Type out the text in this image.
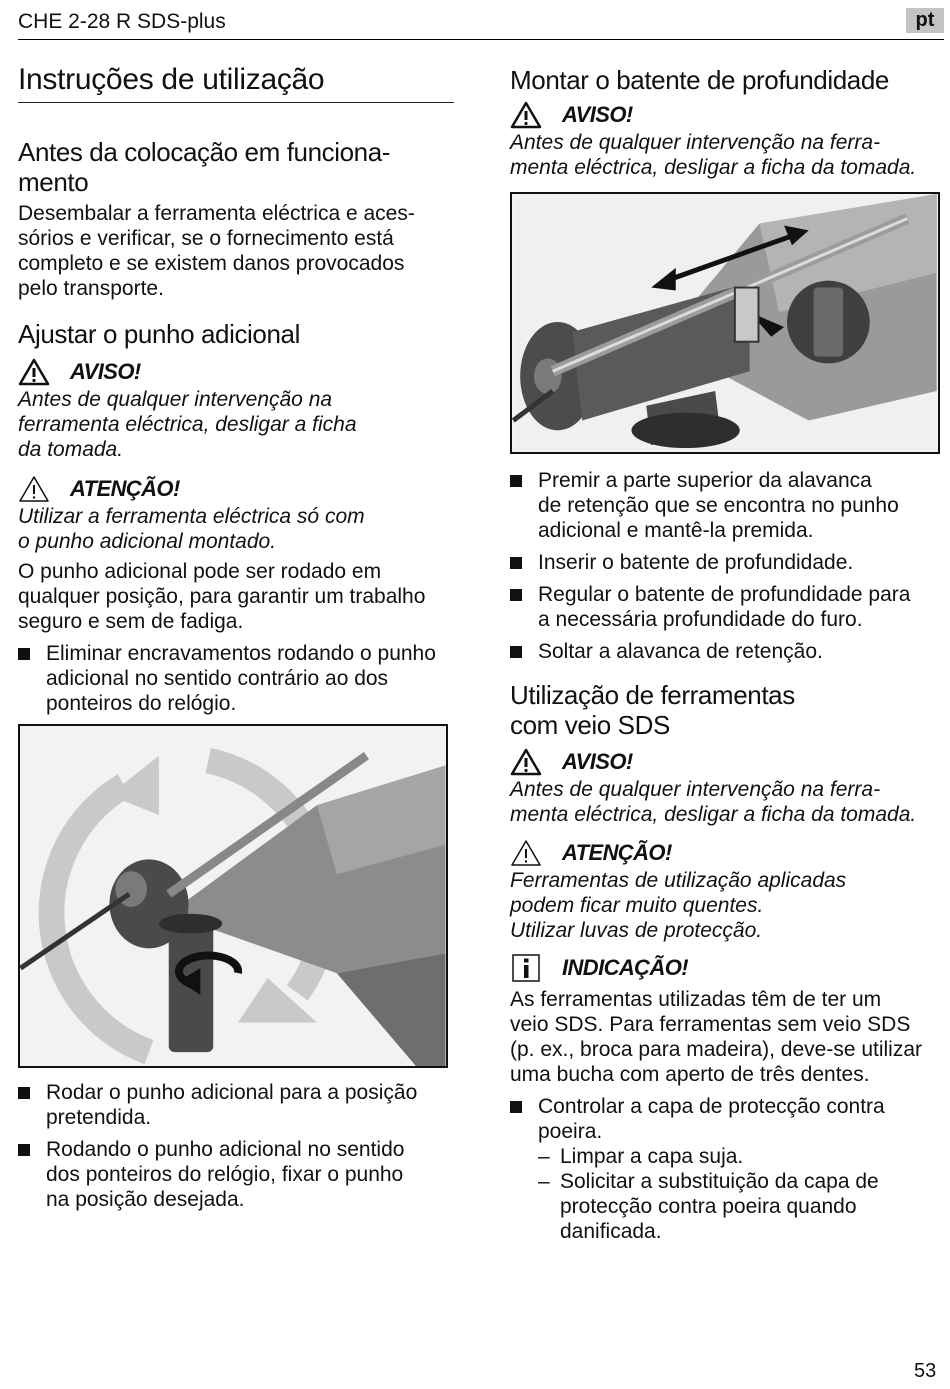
CHE 2-28 R SDS-plus	pt
Instruções de utilização
Antes da colocação em funciona-
mento

Desembalar a ferramenta eléctrica e aces-
sórios e verificar, se o fornecimento está
completo e se existem danos provocados
pelo transporte.

Ajustar o punho adicional
AVISO!
Antes de qualquer intervenção na
ferramenta eléctrica, desligar a ficha
da tomada.
ATENÇÃO!
Utilizar a ferramenta eléctrica só com
o punho adicional montado.

O punho adicional pode ser rodado em
qualquer posição, para garantir um trabalho
seguro e sem de fadiga.

Eliminar encravamentos rodando o punho
adicional no sentido contrário ao dos
ponteiros do relógio.
Rodar o punho adicional para a posição
pretendida.
Rodando o punho adicional no sentido
dos ponteiros do relógio, fixar o punho
na posição desejada.
Montar o batente de profundidade
AVISO!
Antes de qualquer intervenção na ferra-
menta eléctrica, desligar a ficha da tomada.
Premir a parte superior da alavanca
de retenção que se encontra no punho
adicional e mantê-la premida.
Inserir o batente de profundidade.
Regular o batente de profundidade para
a necessária profundidade do furo.
Soltar a alavanca de retenção.
Utilização de ferramentas
com veio SDS
AVISO!
Antes de qualquer intervenção na ferra-
menta eléctrica, desligar a ficha da tomada.
ATENÇÃO!
Ferramentas de utilização aplicadas
podem ficar muito quentes.
Utilizar luvas de protecção.
INDICAÇÃO!

As ferramentas utilizadas têm de ter um
veio SDS. Para ferramentas sem veio SDS
(p. ex., broca para madeira), deve-se utilizar
uma bucha com aperto de três dentes.

Controlar a capa de protecção contra
poeira.
– Limpar a capa suja.
– Solicitar a substituição da capa de
protecção contra poeira quando
danificada.
53
